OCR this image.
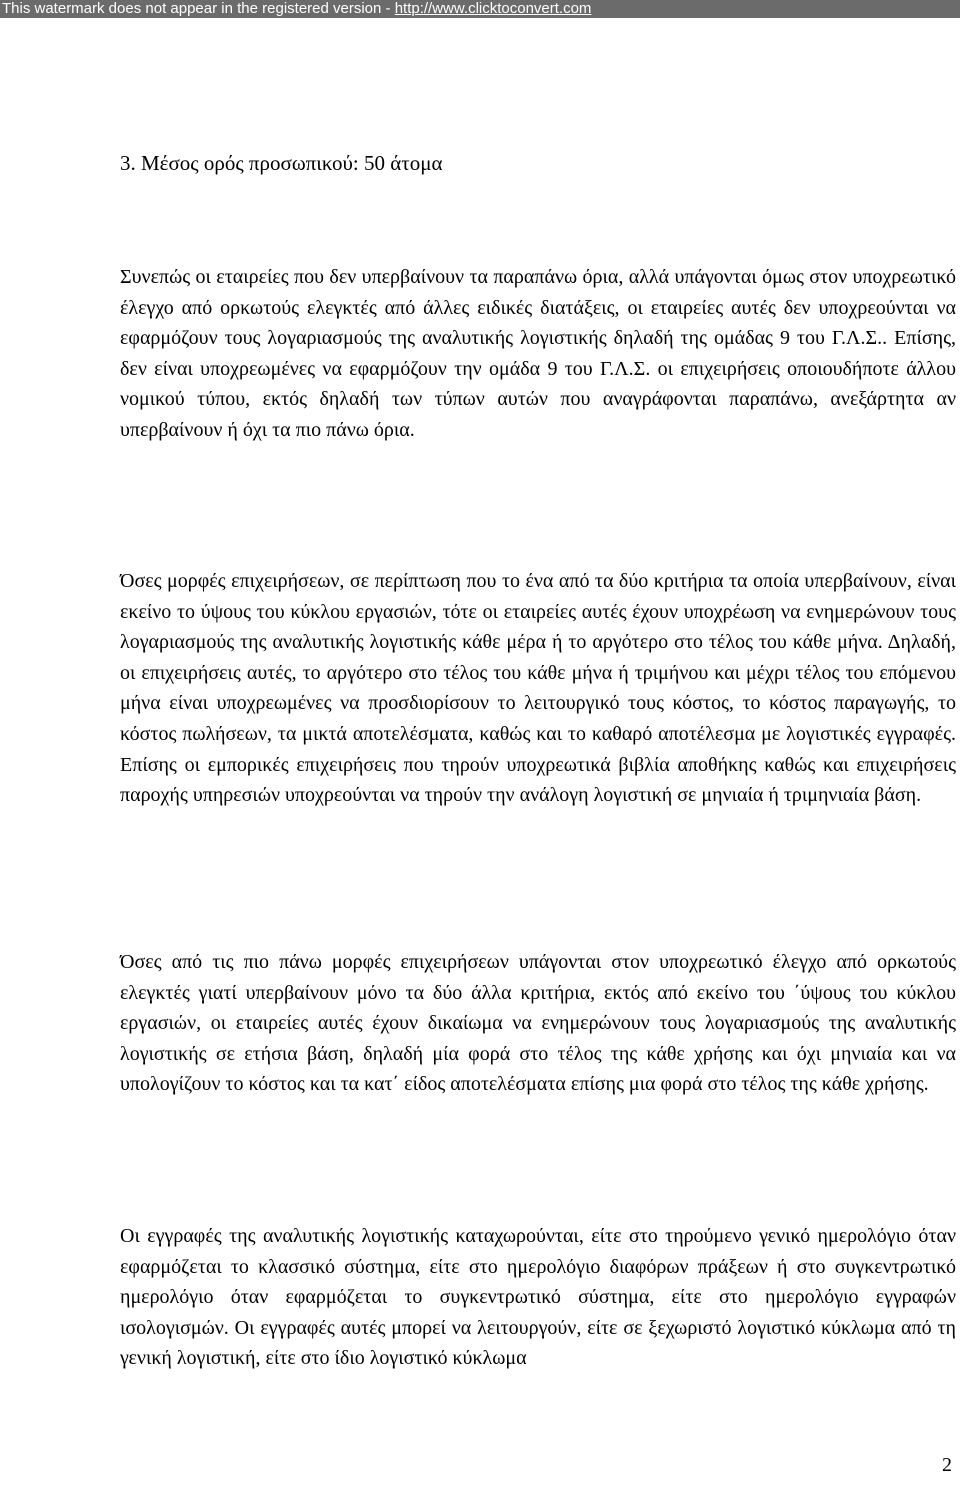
This watermark does not appear in the registered version - http://www.clicktoconvert.com

3. Μέσος ορός προσωπικού: 50 άτομα

Συνεπώς οι εταιρείες που δεν υπερβαίνουν τα παραπάνω όρια, αλλά υπάγονται όμως στον υποχρεωτικό έλεγχο από ορκωτούς ελεγκτές από άλλες ειδικές διατάξεις, οι εταιρείες αυτές δεν υποχρεούνται να εφαρμόζουν τους λογαριασμούς της αναλυτικής λογιστικής δηλαδή της ομάδας 9 του Γ.Λ.Σ.. Επίσης, δεν είναι υποχρεωμένες να εφαρμόζουν την ομάδα 9 του Γ.Λ.Σ. οι επιχειρήσεις οποιουδήποτε άλλου νομικού τύπου, εκτός δηλαδή των τύπων αυτών που αναγράφονται παραπάνω, ανεξάρτητα αν υπερβαίνουν ή όχι τα πιο πάνω όρια.

Όσες μορφές επιχειρήσεων, σε περίπτωση που το ένα από τα δύο κριτήρια τα οποία υπερβαίνουν, είναι εκείνο το ύψους του κύκλου εργασιών, τότε οι εταιρείες αυτές έχουν υποχρέωση να ενημερώνουν τους λογαριασμούς της αναλυτικής λογιστικής κάθε μέρα ή το αργότερο στο τέλος του κάθε μήνα. Δηλαδή, οι επιχειρήσεις αυτές, το αργότερο στο τέλος του κάθε μήνα ή τριμήνου και μέχρι τέλος του επόμενου μήνα είναι υποχρεωμένες να προσδιορίσουν το λειτουργικό τους κόστος, το κόστος παραγωγής, το κόστος πωλήσεων, τα μικτά αποτελέσματα, καθώς και το καθαρό αποτέλεσμα με λογιστικές εγγραφές. Επίσης οι εμπορικές επιχειρήσεις που τηρούν υποχρεωτικά βιβλία αποθήκης καθώς και επιχειρήσεις παροχής υπηρεσιών υποχρεούνται να τηρούν την ανάλογη λογιστική σε μηνιαία ή τριμηνιαία βάση.

Όσες από τις πιο πάνω μορφές επιχειρήσεων υπάγονται στον υποχρεωτικό έλεγχο από ορκωτούς ελεγκτές γιατί υπερβαίνουν μόνο τα δύο άλλα κριτήρια, εκτός από εκείνο του ΄ύψους του κύκλου εργασιών, οι εταιρείες αυτές έχουν δικαίωμα να ενημερώνουν τους λογαριασμούς της αναλυτικής λογιστικής σε ετήσια βάση, δηλαδή μία φορά στο τέλος της κάθε χρήσης και όχι μηνιαία και να υπολογίζουν το κόστος και τα κατ΄ είδος αποτελέσματα επίσης μια φορά στο τέλος της κάθε χρήσης.

Οι εγγραφές της αναλυτικής λογιστικής καταχωρούνται, είτε στο τηρούμενο γενικό ημερολόγιο όταν εφαρμόζεται το κλασσικό σύστημα, είτε στο ημερολόγιο διαφόρων πράξεων ή στο συγκεντρωτικό ημερολόγιο όταν εφαρμόζεται το συγκεντρωτικό σύστημα, είτε στο ημερολόγιο εγγραφών ισολογισμών. Οι εγγραφές αυτές μπορεί να λειτουργούν, είτε σε ξεχωριστό λογιστικό κύκλωμα από τη γενική λογιστική, είτε στο ίδιο λογιστικό κύκλωμα

2
